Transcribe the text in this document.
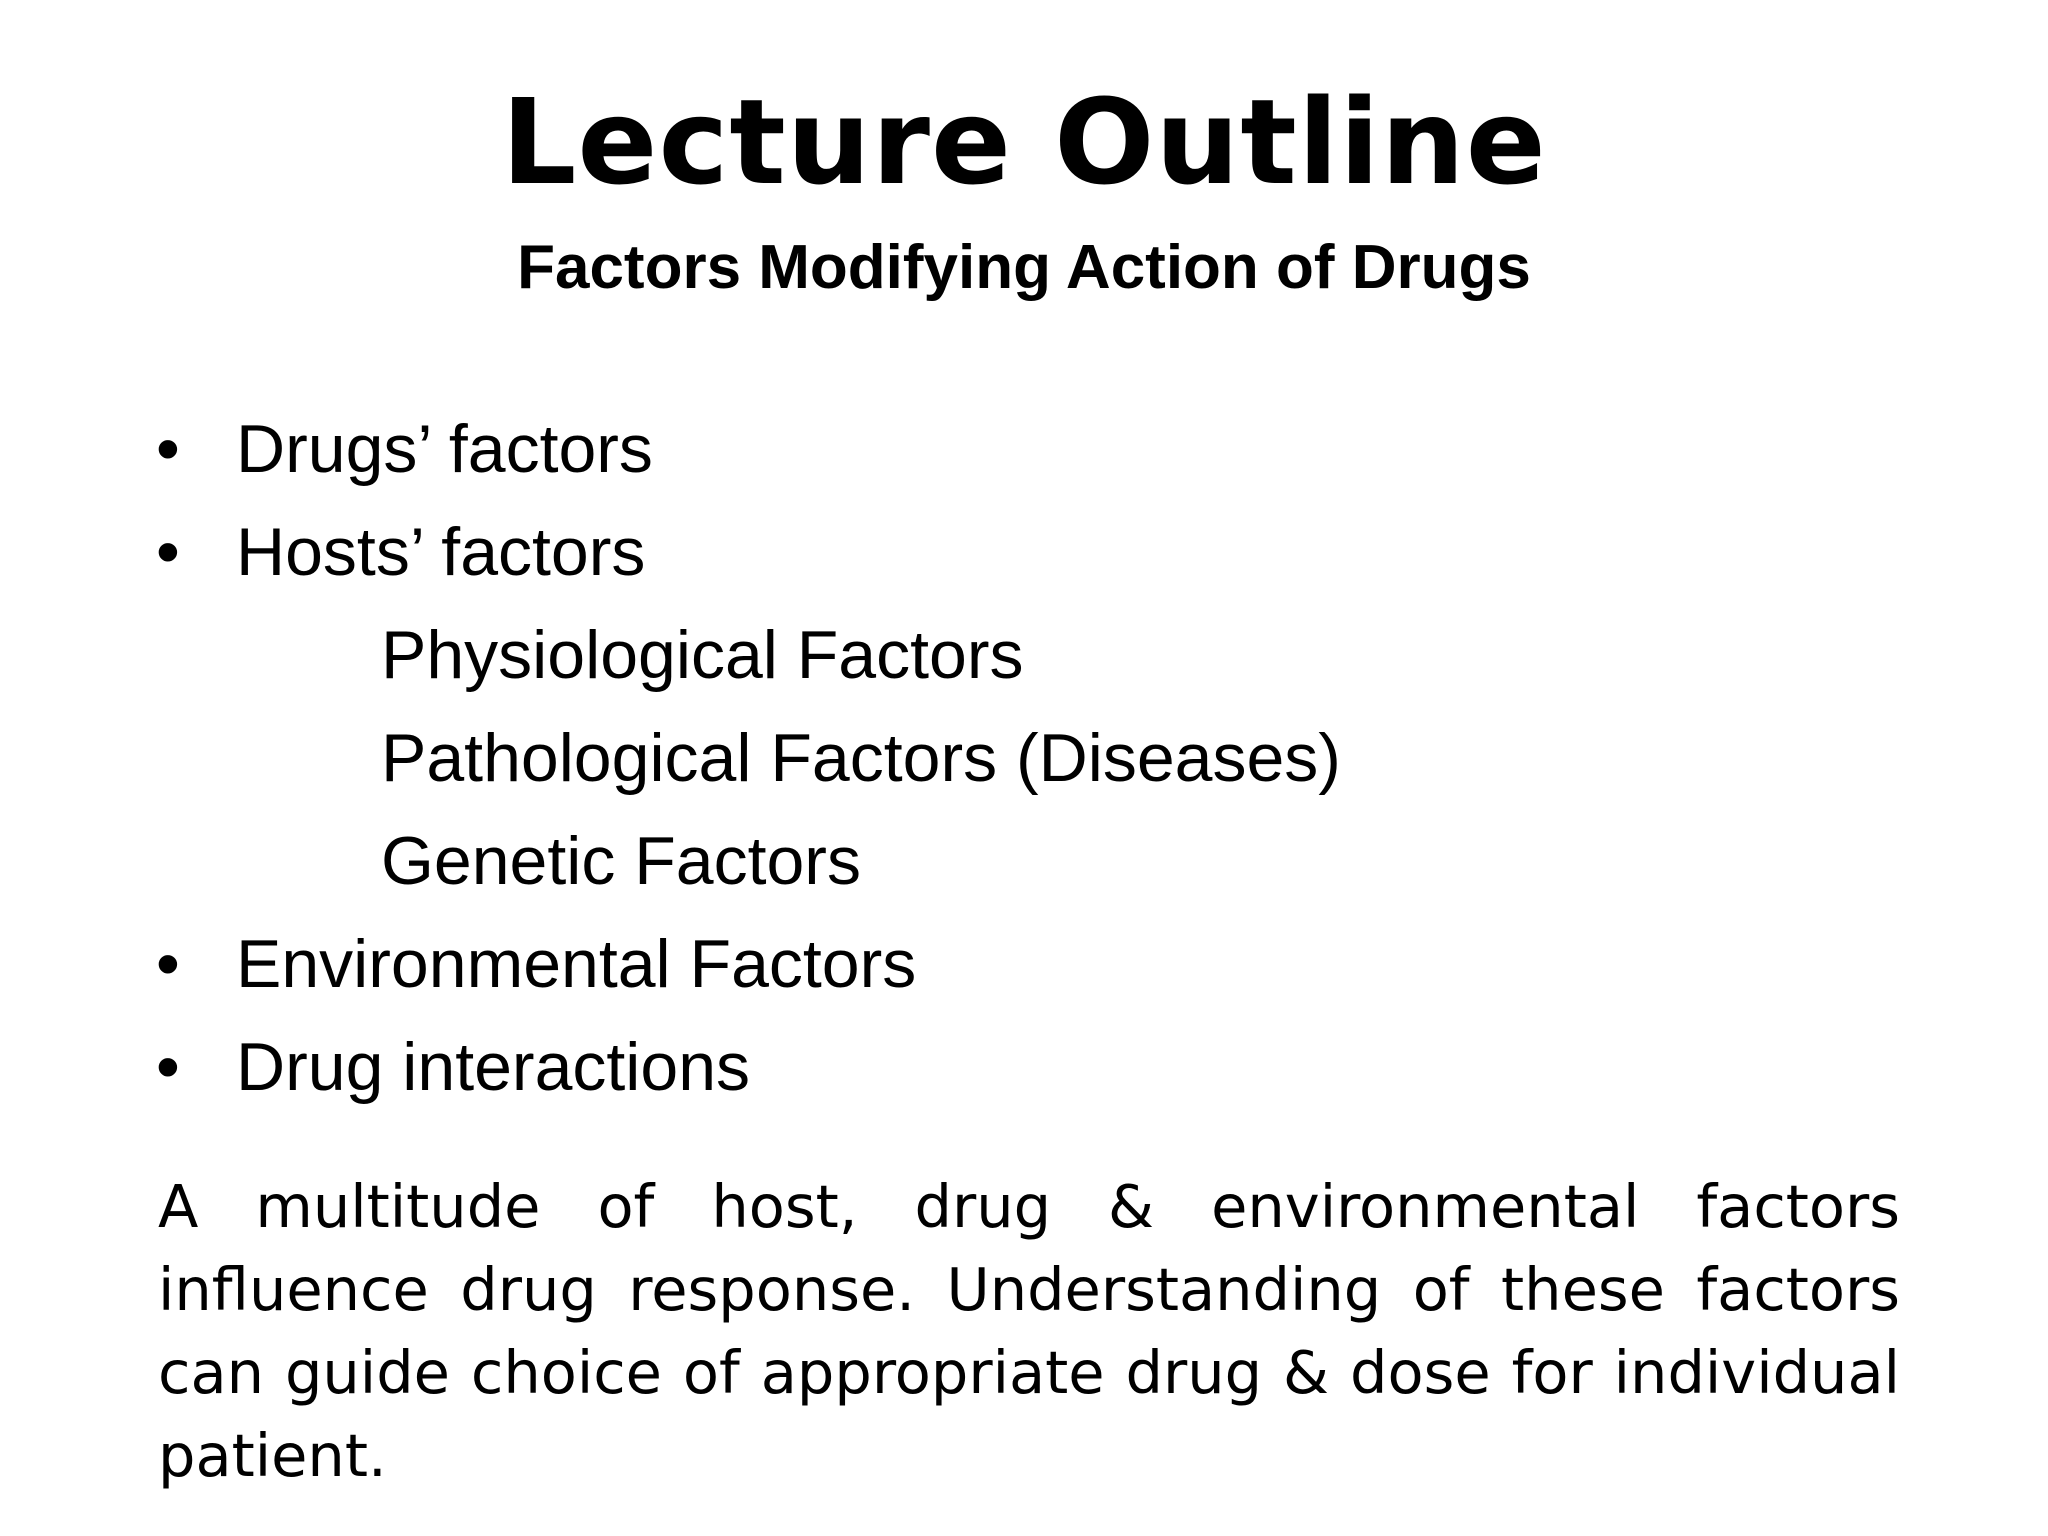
Lecture Outline
Factors Modifying Action of Drugs
• Drugs’ factors
• Hosts’ factors
Physiological Factors
Pathological Factors (Diseases)
Genetic Factors
• Environmental Factors
• Drug interactions
A multitude of host, drug & environmental factors influence drug response. Understanding of these factors can guide choice of appropriate drug & dose for individual patient.
